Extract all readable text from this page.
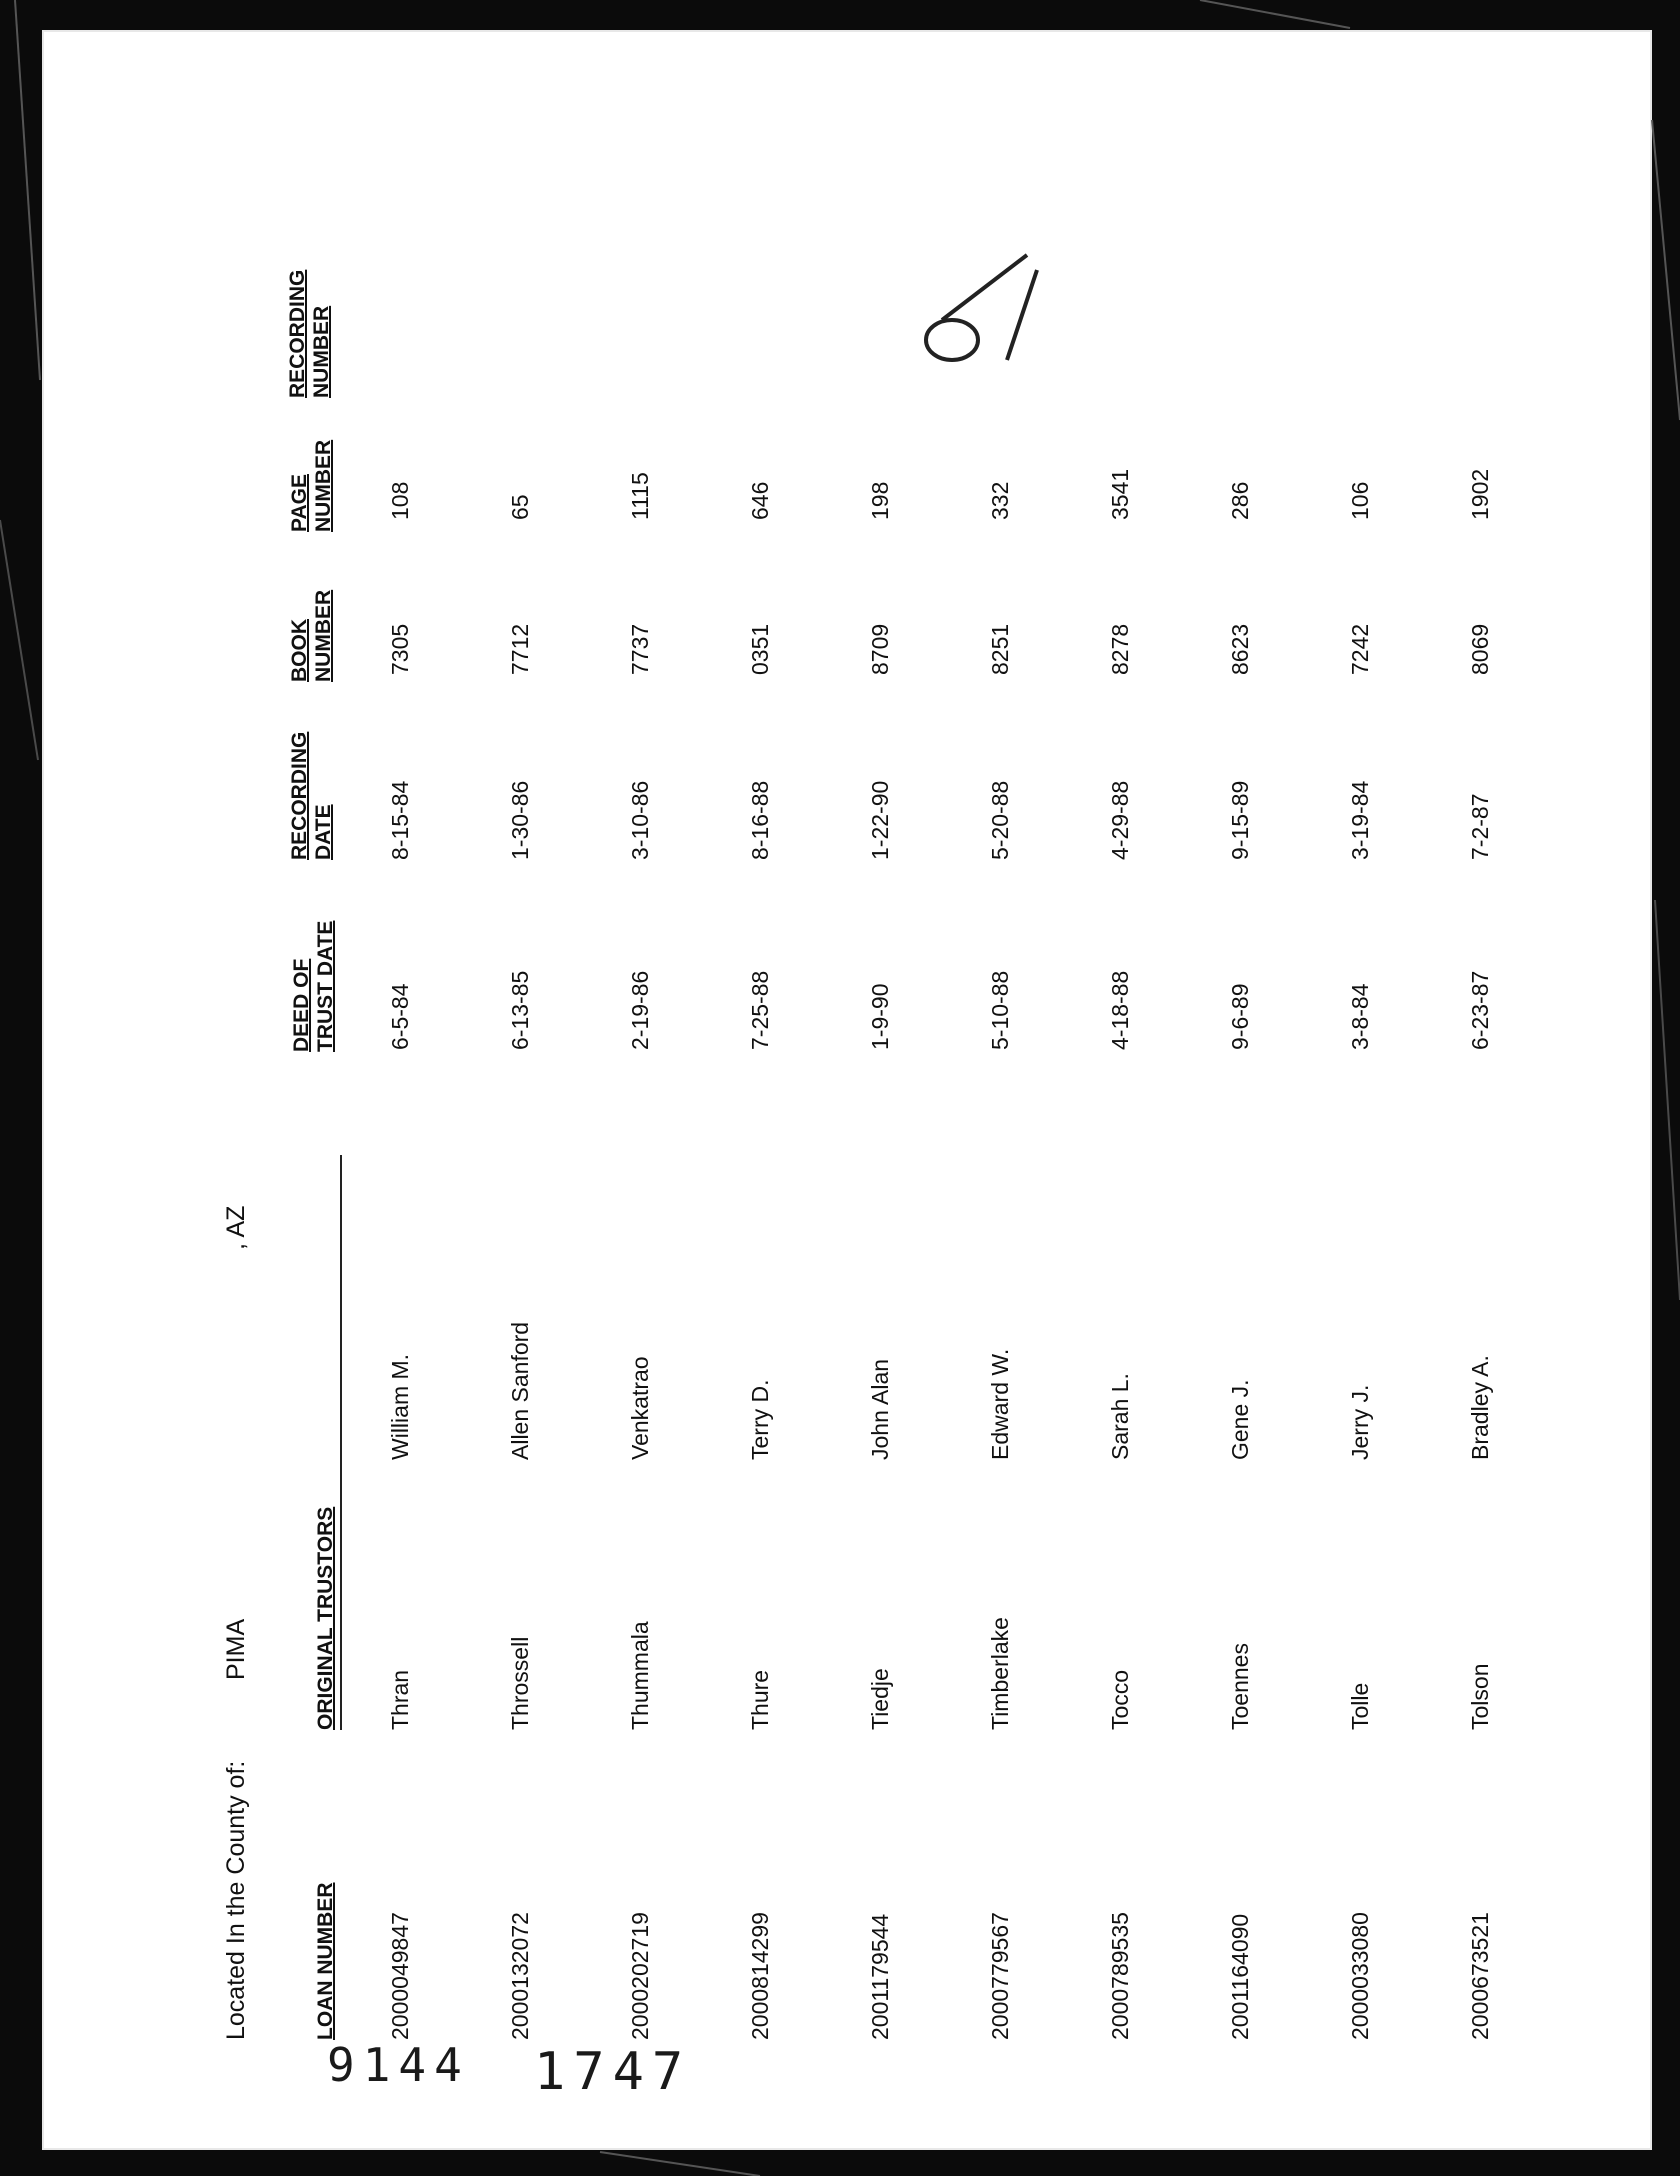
Located In the County of:
PIMA
, AZ
LOAN NUMBER
ORIGINAL TRUSTORS
DEED OF TRUST DATE
RECORDING DATE
BOOK NUMBER
PAGE NUMBER
RECORDING NUMBER
2000049847
Thran
William M.
6-5-84
8-15-84
7305
108
2000132072
Throssell
Allen Sanford
6-13-85
1-30-86
7712
65
2000202719
Thummala
Venkatrao
2-19-86
3-10-86
7737
1115
2000814299
Thure
Terry D.
7-25-88
8-16-88
0351
646
2001179544
Tiedje
John Alan
1-9-90
1-22-90
8709
198
2000779567
Timberlake
Edward W.
5-10-88
5-20-88
8251
332
2000789535
Tocco
Sarah L.
4-18-88
4-29-88
8278
3541
2001164090
Toennes
Gene J.
9-6-89
9-15-89
8623
286
2000033080
Tolle
Jerry J.
3-8-84
3-19-84
7242
106
2000673521
Tolson
Bradley A.
6-23-87
7-2-87
8069
1902
9144 1747
